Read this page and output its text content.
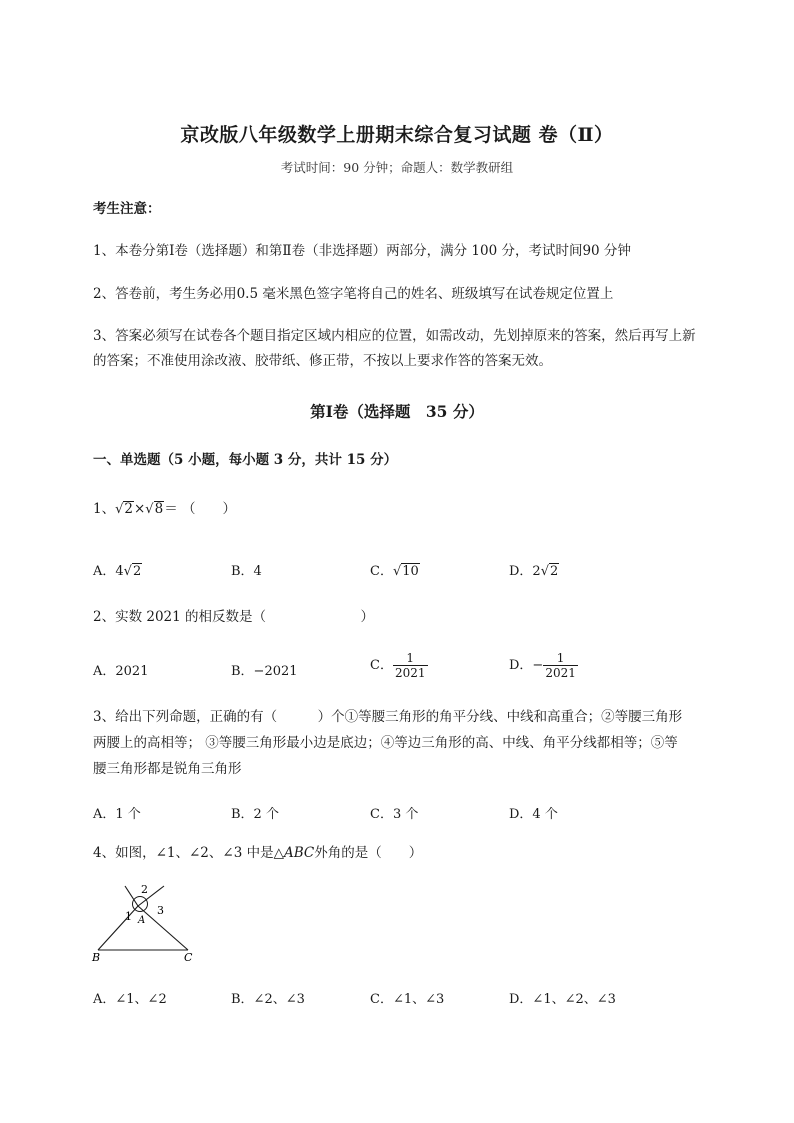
京改版八年级数学上册期末综合复习试题 卷（Ⅱ）
考试时间：90 分钟；命题人：数学教研组
考生注意：
1、本卷分第Ⅰ卷（选择题）和第Ⅱ卷（非选择题）两部分，满分 100 分，考试时间90 分钟
2、答卷前，考生务必用0.5 毫米黑色签字笔将自己的姓名、班级填写在试卷规定位置上
3、答案必须写在试卷各个题目指定区域内相应的位置，如需改动，先划掉原来的答案，然后再写上新
的答案；不准使用涂改液、胶带纸、修正带，不按以上要求作答的答案无效。
第Ⅰ卷（选择题　35 分）
一、单选题（5 小题，每小题 3 分，共计 15 分）
1、√2×√8＝ （　　）
A．4√2	B．4	C．√10	D．2√2
2、实数 2021 的相反数是（　　　　　　　）
A．2021	B．−2021	C． $\frac{1}{2021}$	D．− $\frac{1}{2021}$
3、给出下列命题，正确的有（　　　）个①等腰三角形的角平分线、中线和高重合；②等腰三角形
两腰上的高相等； ③等腰三角形最小边是底边；④等边三角形的高、中线、角平分线都相等；⑤等
腰三角形都是锐角三角形
A．1 个	B．2 个	C．3 个	D．4 个
4、如图，∠1、∠2、∠3 中是△ABC外角的是（　　）
1
2
3
A
B	C
A．∠1、∠2	B．∠2、∠3	C．∠1、∠3	D．∠1、∠2、∠3
